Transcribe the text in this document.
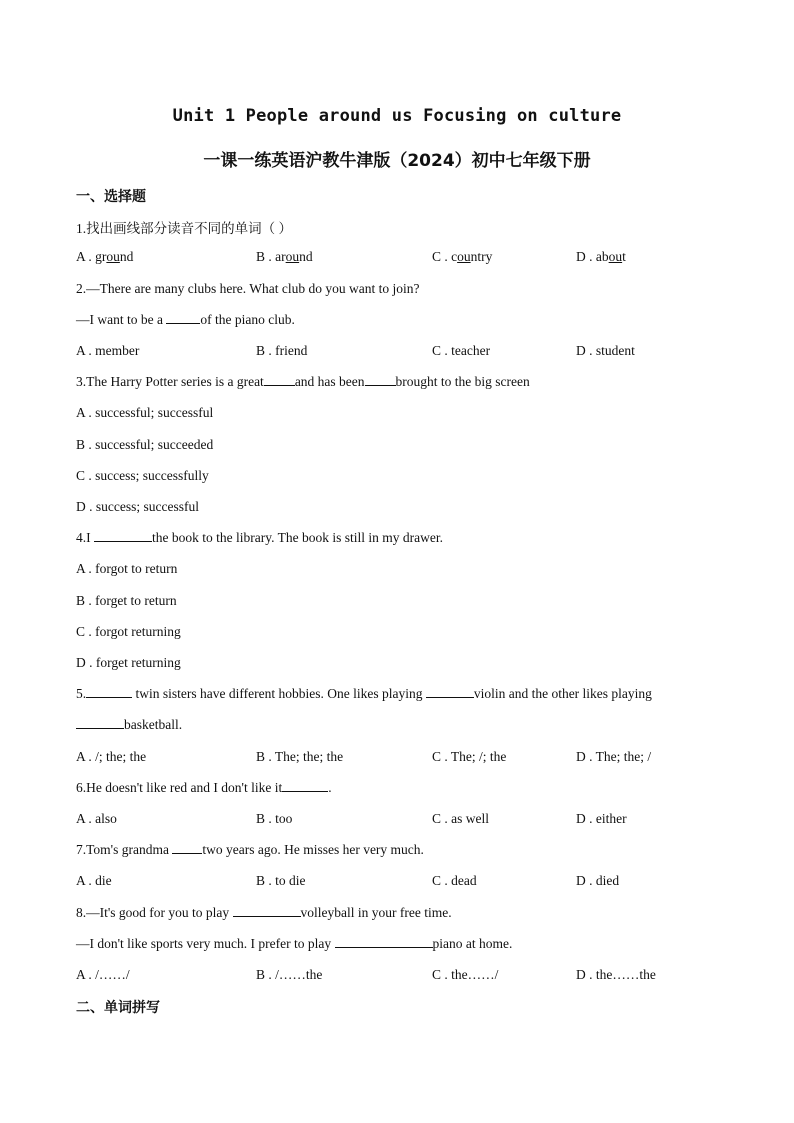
Unit 1 People around us Focusing on culture
一课一练英语沪教牛津版（2024）初中七年级下册
一、选择题
1.找出画线部分读音不同的单词（ ）
A . ground	B . around	C . country	D . about
2.—There are many clubs here. What club do you want to join?
—I want to be a	of the piano club.
A . member	B . friend	C . teacher	D . student
3.The Harry Potter series is a great and has been brought to the big screen
A . successful; successful
B . successful; succeeded
C . success; successfully
D . success; successful
4.I	the book to the library. The book is still in my drawer.
A . forgot to return
B . forget to return
C . forgot returning
D . forget returning
5.	twin sisters have different hobbies. One likes playing	violin and the other likes playing
basketball.
A . /; the; the	B . The; the; the	C . The; /; the	D . The; the; /
6.He doesn't like red and I don't like it	.
A . also	B . too	C . as well	D . either
7.Tom's grandma two years ago. He misses her very much.
A . die	B . to die	C . dead	D . died
8.—It's good for you to play	volleyball in your free time.
—I don't like sports very much. I prefer to play	piano at home.
A . /……/	B . /……the	C . the……/	D . the……the
二、单词拼写
